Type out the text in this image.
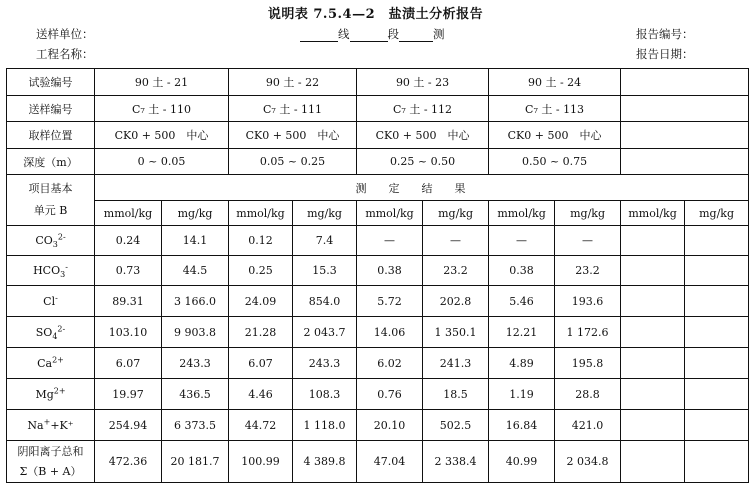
说明表 7.5.4—2　盐渍土分析报告
送样单位：
工程名称：
线	段	测	报告编号：
报告日期：
试验编号	90 土 - 21		90 土 - 22		90 土 - 23		90 土 - 24			
送样编号	C₇ 土 - 110		C₇ 土 - 111		C₇ 土 - 112		C₇ 土 - 113			
取样位置	CK0 + 500　中心		CK0 + 500　中心		CK0 + 500　中心		CK0 + 500　中心			
深度（m）	0 ~ 0.05		0.05 ~ 0.25		0.25 ~ 0.50		0.50 ~ 0.75			

项目基本
单元 B	测定结果									
	mmol/kg	mg/kg	mmol/kg	mg/kg	mmol/kg	mg/kg	mmol/kg	mg/kg	mmol/kg	mg/kg
$CO_3^{2-}$	0.24	14.1	0.12	7.4	—	—	—	—		
$HCO_3^-$	0.73	44.5	0.25	15.3	0.38	23.2	0.38	23.2		
Cl-	89.31	3 166.0	24.09	854.0	5.72	202.8	5.46	193.6		
$SO_4^{2-}$	103.10	9 903.8	21.28	2 043.7	14.06	1 350.1	12.21	1 172.6		
$Ca^{2+}$	6.07	243.3	6.07	243.3	6.02	241.3	4.89	195.8		
$Mg^{2+}$	19.97	436.5	4.46	108.3	0.76	18.5	1.19	28.8		
Na++K⁺	254.94	6 373.5	44.72	1 118.0	20.10	502.5	16.84	421.0		

阴阳离子总和
Σ（B + A）	472.36	20 181.7	100.99	4 389.8	47.04	2 338.4	40.99	2 034.8		
